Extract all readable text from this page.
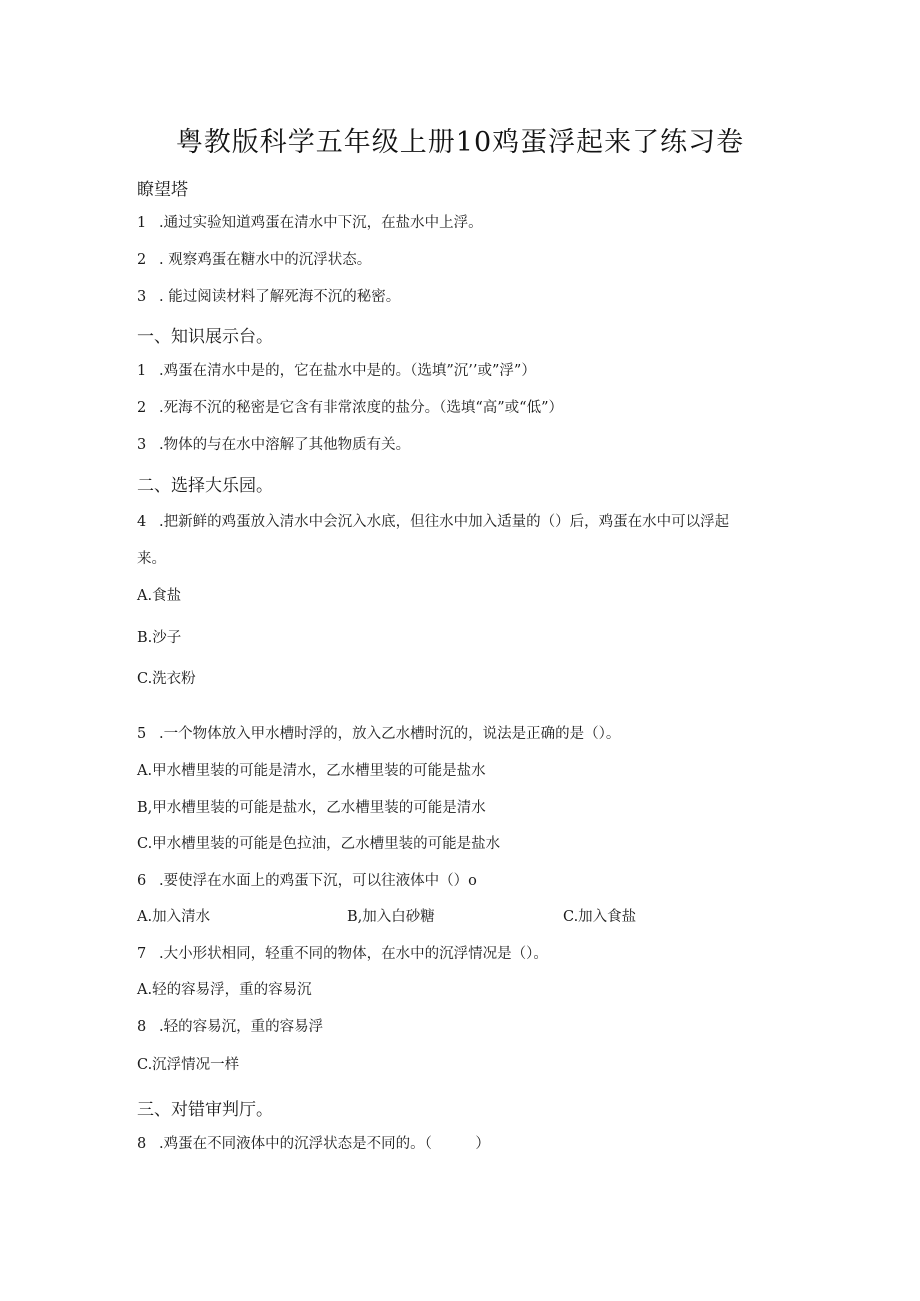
粤教版科学五年级上册10鸡蛋浮起来了练习卷
瞭望塔
1 .通过实验知道鸡蛋在清水中下沉，在盐水中上浮。
2 . 观察鸡蛋在糖水中的沉浮状态。
3 . 能过阅读材料了解死海不沉的秘密。
一、知识展示台。
1 .鸡蛋在清水中是的，它在盐水中是的。（选填”沉’’或”浮”）
2 .死海不沉的秘密是它含有非常浓度的盐分。（选填“高”或“低”）
3 .物体的与在水中溶解了其他物质有关。
二、选择大乐园。
4 .把新鲜的鸡蛋放入清水中会沉入水底，但往水中加入适量的（）后，鸡蛋在水中可以浮起
来。
A.食盐
B.沙子
C.洗衣粉
5 .一个物体放入甲水槽时浮的，放入乙水槽时沉的，说法是正确的是（）。
A.甲水槽里装的可能是清水，乙水槽里装的可能是盐水
B,甲水槽里装的可能是盐水，乙水槽里装的可能是清水
C.甲水槽里装的可能是色拉油，乙水槽里装的可能是盐水
6 .要使浮在水面上的鸡蛋下沉，可以往液体中（）o
A.加入清水	B,加入白砂糖	C.加入食盐
7 .大小形状相同，轻重不同的物体，在水中的沉浮情况是（）。
A.轻的容易浮，重的容易沉
8 .轻的容易沉，重的容易浮
C.沉浮情况一样
三、对错审判厅。
8 .鸡蛋在不同液体中的沉浮状态是不同的。（　　　）
